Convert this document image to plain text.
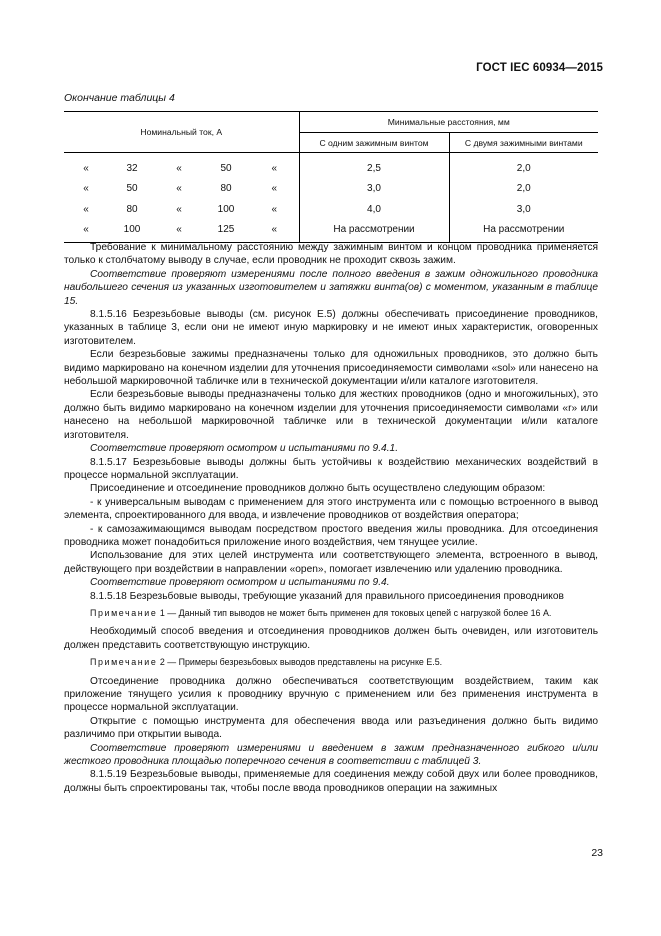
ГОСТ IEC 60934—2015
Окончание таблицы 4
Номинальный ток, А					Минимальные расстояния, мм	
					С одним зажимным винтом	С двумя зажимными винтами
«	32	«	50	«	2,5	2,0
«	50	«	80	«	3,0	2,0
«	80	«	100	«	4,0	3,0
«	100	«	125	«	На рассмотрении	На рассмотрении

Требование к минимальному расстоянию между зажимным винтом и концом проводника применяется только к столбчатому выводу в случае, если проводник не проходит сквозь зажим.

Соответствие проверяют измерениями после полного введения в зажим одножильного проводника наибольшего сечения из указанных изготовителем и затяжки винта(ов) с моментом, указанным в таблице 15.

8.1.5.16 Безрезьбовые выводы (см. рисунок Е.5) должны обеспечивать присоединение проводников, указанных в таблице 3, если они не имеют иную маркировку и не имеют иных характеристик, оговоренных изготовителем.

Если безрезьбовые зажимы предназначены только для одножильных проводников, это должно быть видимо маркировано на конечном изделии для уточнения присоединяемости символами «sol» или нанесено на небольшой маркировочной табличке или в технической документации и/или каталоге изготовителя.

Если безрезьбовые выводы предназначены только для жестких проводников (одно и многожильных), это должно быть видимо маркировано на конечном изделии для уточнения присоединяемости символами «r» или нанесено на небольшой маркировочной табличке или в технической документации и/или каталоге изготовителя.

Соответствие проверяют осмотром и испытаниями по 9.4.1.

8.1.5.17 Безрезьбовые выводы должны быть устойчивы к воздействию механических воздействий в процессе нормальной эксплуатации.

Присоединение и отсоединение проводников должно быть осуществлено следующим образом:

- к универсальным выводам с применением для этого инструмента или с помощью встроенного в вывод элемента, спроектированного для ввода, и извлечение проводников от воздействия оператора;

- к самозажимающимся выводам посредством простого введения жилы проводника. Для отсоединения проводника может понадобиться приложение иного воздействия, чем тянущее усилие.

Использование для этих целей инструмента или соответствующего элемента, встроенного в вывод, действующего при воздействии в направлении «open», помогает извлечению или удалению проводника.

Соответствие проверяют осмотром и испытаниями по 9.4.

8.1.5.18 Безрезьбовые выводы, требующие указаний для правильного присоединения проводников

Примечание 1 — Данный тип выводов не может быть применен для токовых цепей с нагрузкой более 16 А.

Необходимый способ введения и отсоединения проводников должен быть очевиден, или изготовитель должен представить соответствующую инструкцию.

Примечание 2 — Примеры безрезьбовых выводов представлены на рисунке Е.5.

Отсоединение проводника должно обеспечиваться соответствующим воздействием, таким как приложение тянущего усилия к проводнику вручную с применением или без применения инструмента в процессе нормальной эксплуатации.

Открытие с помощью инструмента для обеспечения ввода или разъединения должно быть видимо различимо при открытии вывода.

Соответствие проверяют измерениями и введением в зажим предназначенного гибкого и/или жесткого проводника площадью поперечного сечения в соответствии с таблицей 3.

8.1.5.19 Безрезьбовые выводы, применяемые для соединения между собой двух или более проводников, должны быть спроектированы так, чтобы после ввода проводников операции на зажимных

23
